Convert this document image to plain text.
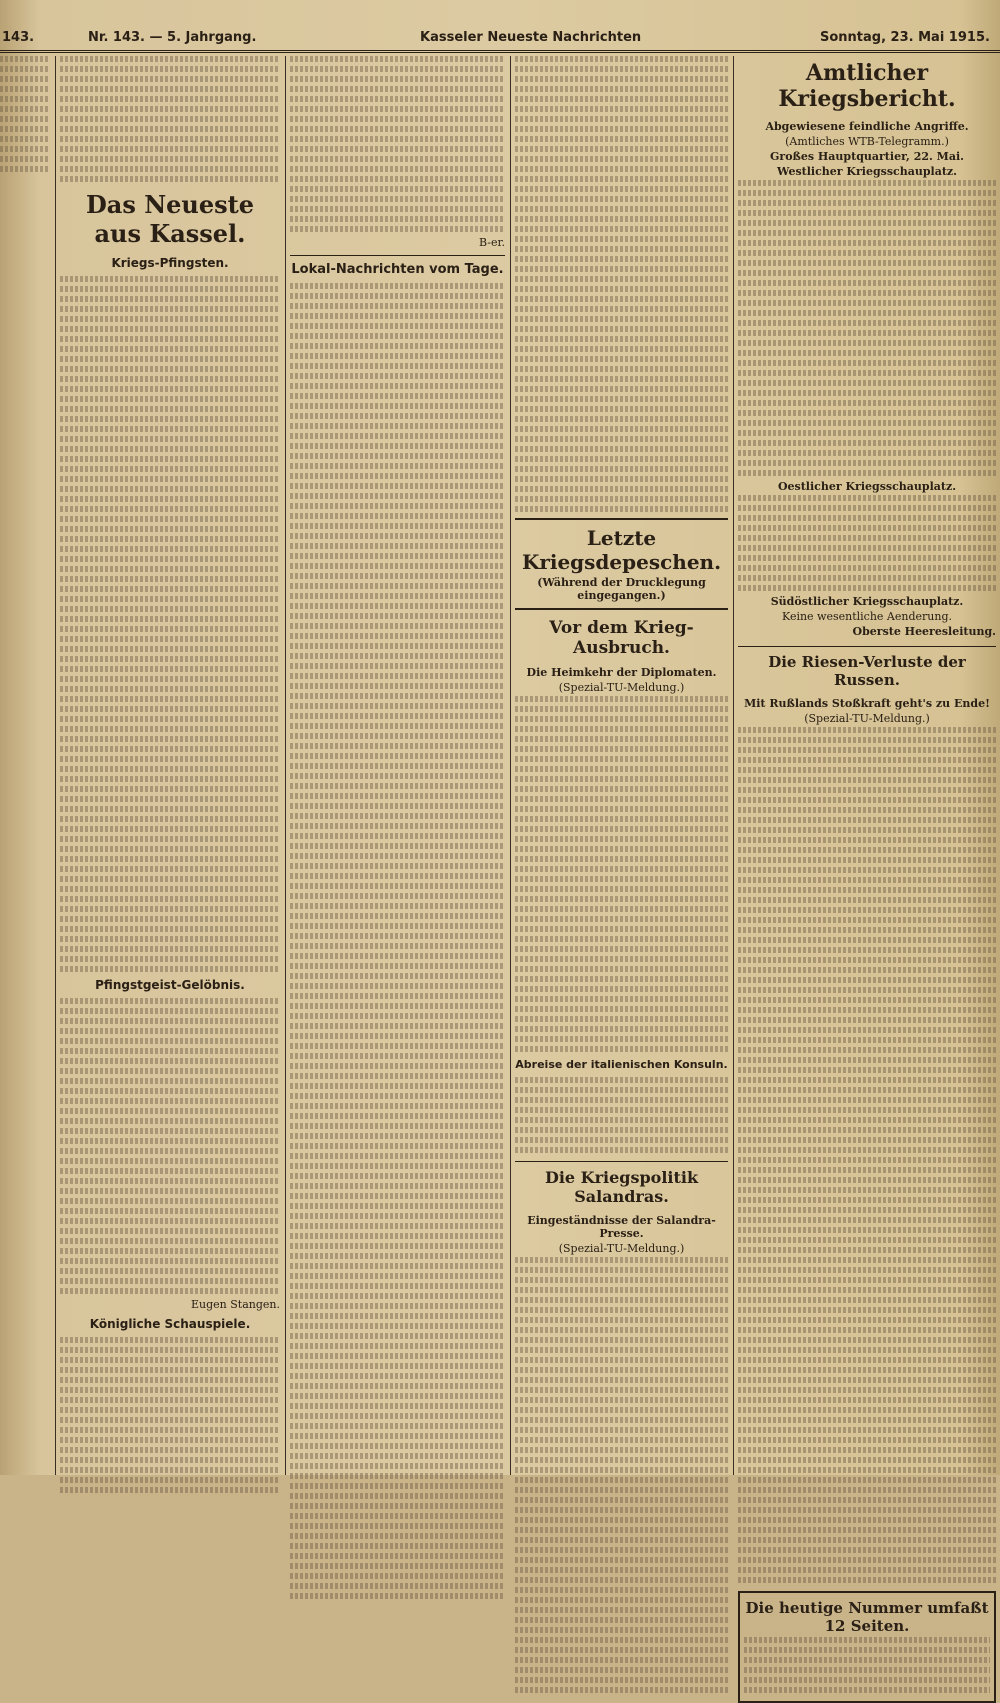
143.	Nr. 143. — 5. Jahrgang.	Kasseler Neueste Nachrichten	Sonntag, 23. Mai 1915.
Das Neueste aus Kassel.
Kriegs-Pfingsten.
Pfingstgeist-Gelöbnis.
Eugen Stangen.
Königliche Schauspiele.
B-er.
Lokal-Nachrichten vom Tage.
Letzte Kriegsdepeschen.
(Während der Drucklegung eingegangen.)
Vor dem Krieg-Ausbruch.
Die Heimkehr der Diplomaten.
(Spezial-TU-Meldung.)
Abreise der italienischen Konsuln.
Die Kriegspolitik Salandras.
Eingeständnisse der Salandra-Presse.
(Spezial-TU-Meldung.)
Amtlicher Kriegsbericht.
Abgewiesene feindliche Angriffe.
(Amtliches WTB-Telegramm.)
Großes Hauptquartier, 22. Mai.
Westlicher Kriegsschauplatz.
Oestlicher Kriegsschauplatz.
Südöstlicher Kriegsschauplatz.
Keine wesentliche Aenderung.
Oberste Heeresleitung.
Die Riesen-Verluste der Russen.
Mit Rußlands Stoßkraft geht's zu Ende!
(Spezial-TU-Meldung.)
Die heutige Nummer umfaßt 12 Seiten.
